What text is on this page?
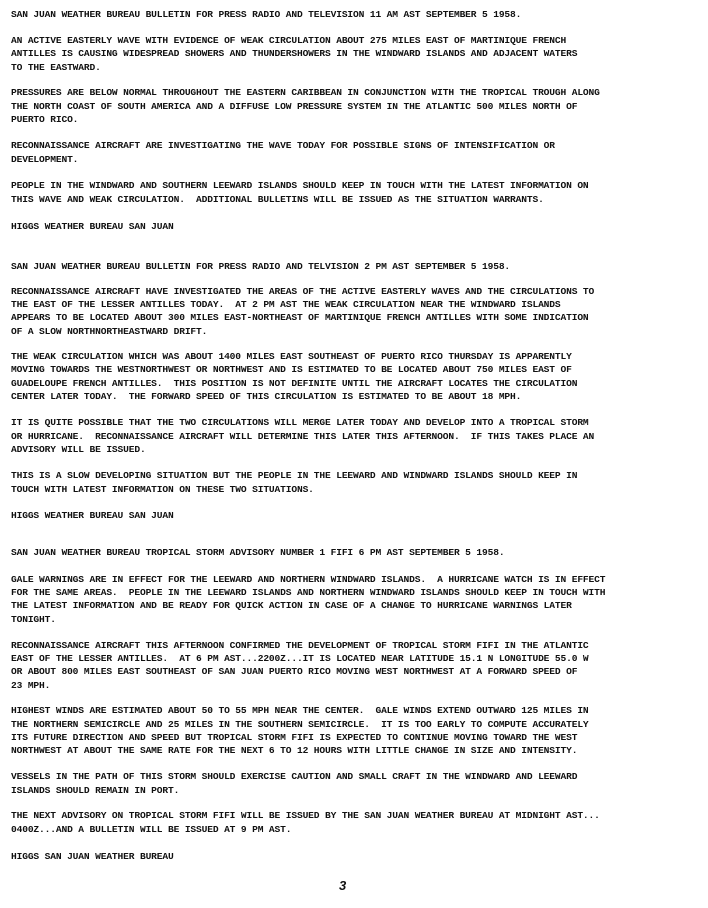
SAN JUAN WEATHER BUREAU BULLETIN FOR PRESS RADIO AND TELEVISION 11 AM AST SEPTEMBER 5 1958.
AN ACTIVE EASTERLY WAVE WITH EVIDENCE OF WEAK CIRCULATION ABOUT 275 MILES EAST OF MARTINIQUE FRENCH
ANTILLES IS CAUSING WIDESPREAD SHOWERS AND THUNDERSHOWERS IN THE WINDWARD ISLANDS AND ADJACENT WATERS
TO THE EASTWARD.
PRESSURES ARE BELOW NORMAL THROUGHOUT THE EASTERN CARIBBEAN IN CONJUNCTION WITH THE TROPICAL TROUGH ALONG
THE NORTH COAST OF SOUTH AMERICA AND A DIFFUSE LOW PRESSURE SYSTEM IN THE ATLANTIC 500 MILES NORTH OF
PUERTO RICO.
RECONNAISSANCE AIRCRAFT ARE INVESTIGATING THE WAVE TODAY FOR POSSIBLE SIGNS OF INTENSIFICATION OR
DEVELOPMENT.
PEOPLE IN THE WINDWARD AND SOUTHERN LEEWARD ISLANDS SHOULD KEEP IN TOUCH WITH THE LATEST INFORMATION ON
THIS WAVE AND WEAK CIRCULATION.  ADDITIONAL BULLETINS WILL BE ISSUED AS THE SITUATION WARRANTS.
HIGGS WEATHER BUREAU SAN JUAN
SAN JUAN WEATHER BUREAU BULLETIN FOR PRESS RADIO AND TELVISION 2 PM AST SEPTEMBER 5 1958.
RECONNAISSANCE AIRCRAFT HAVE INVESTIGATED THE AREAS OF THE ACTIVE EASTERLY WAVES AND THE CIRCULATIONS TO
THE EAST OF THE LESSER ANTILLES TODAY.  AT 2 PM AST THE WEAK CIRCULATION NEAR THE WINDWARD ISLANDS
APPEARS TO BE LOCATED ABOUT 300 MILES EAST-NORTHEAST OF MARTINIQUE FRENCH ANTILLES WITH SOME INDICATION
OF A SLOW NORTHNORTHEASTWARD DRIFT.
THE WEAK CIRCULATION WHICH WAS ABOUT 1400 MILES EAST SOUTHEAST OF PUERTO RICO THURSDAY IS APPARENTLY
MOVING TOWARDS THE WESTNORTHWEST OR NORTHWEST AND IS ESTIMATED TO BE LOCATED ABOUT 750 MILES EAST OF
GUADELOUPE FRENCH ANTILLES.  THIS POSITION IS NOT DEFINITE UNTIL THE AIRCRAFT LOCATES THE CIRCULATION
CENTER LATER TODAY.  THE FORWARD SPEED OF THIS CIRCULATION IS ESTIMATED TO BE ABOUT 18 MPH.
IT IS QUITE POSSIBLE THAT THE TWO CIRCULATIONS WILL MERGE LATER TODAY AND DEVELOP INTO A TROPICAL STORM
OR HURRICANE.  RECONNAISSANCE AIRCRAFT WILL DETERMINE THIS LATER THIS AFTERNOON.  IF THIS TAKES PLACE AN
ADVISORY WILL BE ISSUED.
THIS IS A SLOW DEVELOPING SITUATION BUT THE PEOPLE IN THE LEEWARD AND WINDWARD ISLANDS SHOULD KEEP IN
TOUCH WITH LATEST INFORMATION ON THESE TWO SITUATIONS.
HIGGS WEATHER BUREAU SAN JUAN
SAN JUAN WEATHER BUREAU TROPICAL STORM ADVISORY NUMBER 1 FIFI 6 PM AST SEPTEMBER 5 1958.
GALE WARNINGS ARE IN EFFECT FOR THE LEEWARD AND NORTHERN WINDWARD ISLANDS.  A HURRICANE WATCH IS IN EFFECT
FOR THE SAME AREAS.  PEOPLE IN THE LEEWARD ISLANDS AND NORTHERN WINDWARD ISLANDS SHOULD KEEP IN TOUCH WITH
THE LATEST INFORMATION AND BE READY FOR QUICK ACTION IN CASE OF A CHANGE TO HURRICANE WARNINGS LATER
TONIGHT.
RECONNAISSANCE AIRCRAFT THIS AFTERNOON CONFIRMED THE DEVELOPMENT OF TROPICAL STORM FIFI IN THE ATLANTIC
EAST OF THE LESSER ANTILLES.  AT 6 PM AST...2200Z...IT IS LOCATED NEAR LATITUDE 15.1 N LONGITUDE 55.0 W
OR ABOUT 800 MILES EAST SOUTHEAST OF SAN JUAN PUERTO RICO MOVING WEST NORTHWEST AT A FORWARD SPEED OF
23 MPH.
HIGHEST WINDS ARE ESTIMATED ABOUT 50 TO 55 MPH NEAR THE CENTER.  GALE WINDS EXTEND OUTWARD 125 MILES IN
THE NORTHERN SEMICIRCLE AND 25 MILES IN THE SOUTHERN SEMICIRCLE.  IT IS TOO EARLY TO COMPUTE ACCURATELY
ITS FUTURE DIRECTION AND SPEED BUT TROPICAL STORM FIFI IS EXPECTED TO CONTINUE MOVING TOWARD THE WEST
NORTHWEST AT ABOUT THE SAME RATE FOR THE NEXT 6 TO 12 HOURS WITH LITTLE CHANGE IN SIZE AND INTENSITY.
VESSELS IN THE PATH OF THIS STORM SHOULD EXERCISE CAUTION AND SMALL CRAFT IN THE WINDWARD AND LEEWARD
ISLANDS SHOULD REMAIN IN PORT.
THE NEXT ADVISORY ON TROPICAL STORM FIFI WILL BE ISSUED BY THE SAN JUAN WEATHER BUREAU AT MIDNIGHT AST...
0400Z...AND A BULLETIN WILL BE ISSUED AT 9 PM AST.
HIGGS SAN JUAN WEATHER BUREAU
3
